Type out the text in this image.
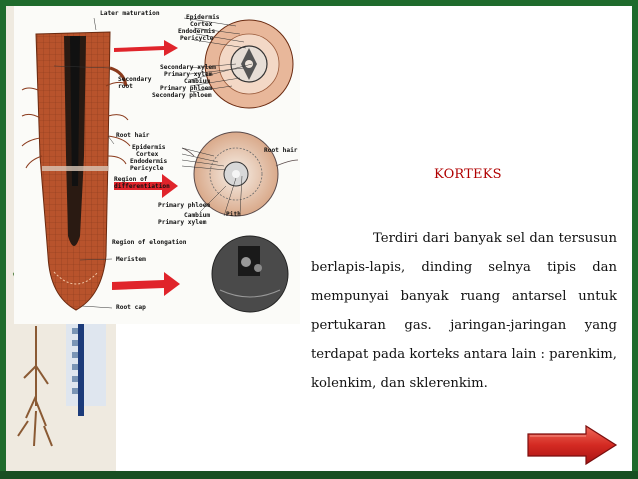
Later maturation
Epidermis
Cortex
Endodermis
Pericycle
Secondary xylem
Primary xylem
Cambium
Primary phloem
Secondary phloem
Secondary
root
Root hair
Root hair
Epidermis
Cortex
Endodermis
Pericycle
Region of
differentiation
Primary phloem
Cambium
Primary xylem
Pith
Region of elongation
Meristem
Root cap
KORTEKS
Terdiri dari banyak sel dan tersusun berlapis-lapis, dinding selnya tipis dan mempunyai banyak ruang antarsel untuk pertukaran gas. jaringan-jaringan yang terdapat pada korteks antara lain : parenkim, kolenkim, dan sklerenkim.
